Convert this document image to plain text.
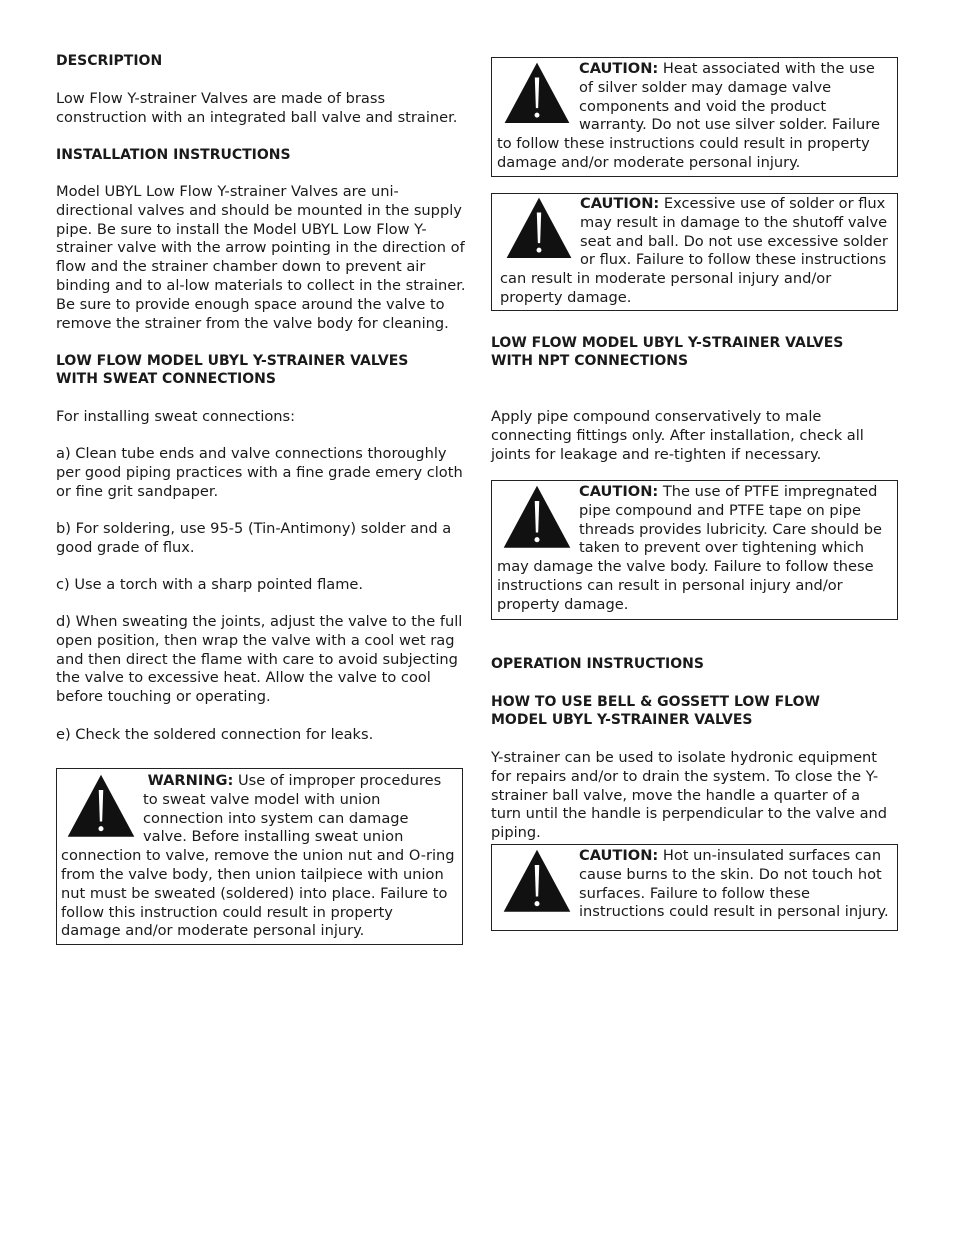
DESCRIPTION

Low Flow Y-strainer Valves are made of brass construction with an integrated ball valve and strainer.

INSTALLATION INSTRUCTIONS

Model UBYL Low Flow Y-strainer Valves are uni-directional valves and should be mounted in the supply pipe. Be sure to install the Model UBYL Low Flow Y-strainer valve with the arrow pointing in the direction of flow and the strainer chamber down to prevent air binding and to al-low materials to collect in the strainer. Be sure to provide enough space around the valve to remove the strainer from the valve body for cleaning.

LOW FLOW MODEL UBYL Y-STRAINER VALVES

WITH SWEAT CONNECTIONS

For installing sweat connections:

a) Clean tube ends and valve connections thoroughly per good piping practices with a fine grade emery cloth or fine grit sandpaper.

b) For soldering, use 95-5 (Tin-Antimony) solder and a good grade of flux.

c) Use a torch with a sharp pointed flame.

d) When sweating the joints, adjust the valve to the full open position, then wrap the valve with a cool wet rag and then direct the flame with care to avoid subjecting the valve to excessive heat. Allow the valve to cool before touching or operating.

e) Check the soldered connection for leaks.

WARNING: Use of improper procedures to sweat valve model with union connection into system can damage valve. Before installing sweat union connection to valve, remove the union nut and O-ring from the valve body, then union tailpiece with union nut must be sweated (soldered) into place. Failure to follow this instruction could result in property damage and/or moderate personal injury.
CAUTION: Heat associated with the use of silver solder may damage valve components and void the product warranty. Do not use silver solder. Failure to follow these instructions could result in property damage and/or moderate personal injury.
CAUTION: Excessive use of solder or flux may result in damage to the shutoff valve seat and ball. Do not use excessive solder or flux. Failure to follow these instructions can result in moderate personal injury and/or property damage.

LOW FLOW MODEL UBYL Y-STRAINER VALVES

WITH NPT CONNECTIONS

Apply pipe compound conservatively to male connecting fittings only. After installation, check all joints for leakage and re-tighten if necessary.

CAUTION: The use of PTFE impregnated pipe compound and PTFE tape on pipe threads provides lubricity. Care should be taken to prevent over tightening which may damage the valve body. Failure to follow these instructions can result in personal injury and/or property damage.

OPERATION INSTRUCTIONS

HOW TO USE BELL & GOSSETT LOW FLOW

MODEL UBYL Y-STRAINER VALVES

Y-strainer can be used to isolate hydronic equipment for repairs and/or to drain the system. To close the Y-strainer ball valve, move the handle a quarter of a turn until the handle is perpendicular to the valve and piping.

CAUTION: Hot un-insulated surfaces can cause burns to the skin. Do not touch hot surfaces. Failure to follow these instructions could result in personal injury.
